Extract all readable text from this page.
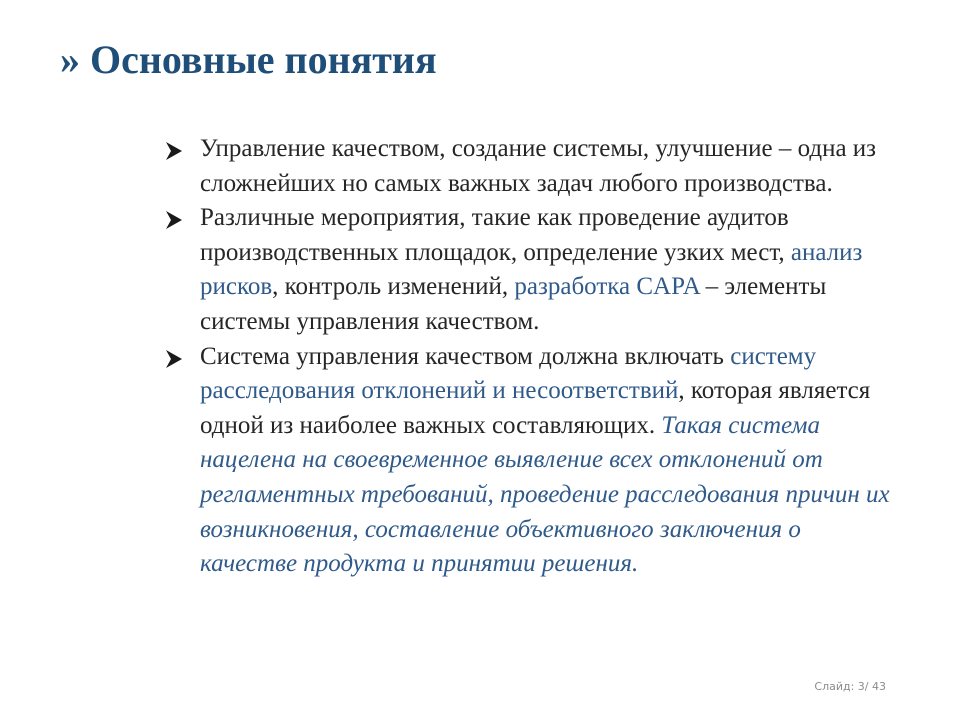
» Основные понятия
Управление качеством, создание системы, улучшение – одна из сложнейших но самых важных задач любого производства.
Различные мероприятия, такие как проведение аудитов производственных площадок, определение узких мест, анализ рисков, контроль изменений, разработка CAPA – элементы системы управления качеством.
Система управления качеством должна включать систему расследования отклонений и несоответствий, которая является одной из наиболее важных составляющих. Такая система нацелена на своевременное выявление всех отклонений от регламентных требований, проведение расследования причин их возникновения, составление объективного заключения о качестве продукта и принятии решения.
Слайд: 3/ 43
